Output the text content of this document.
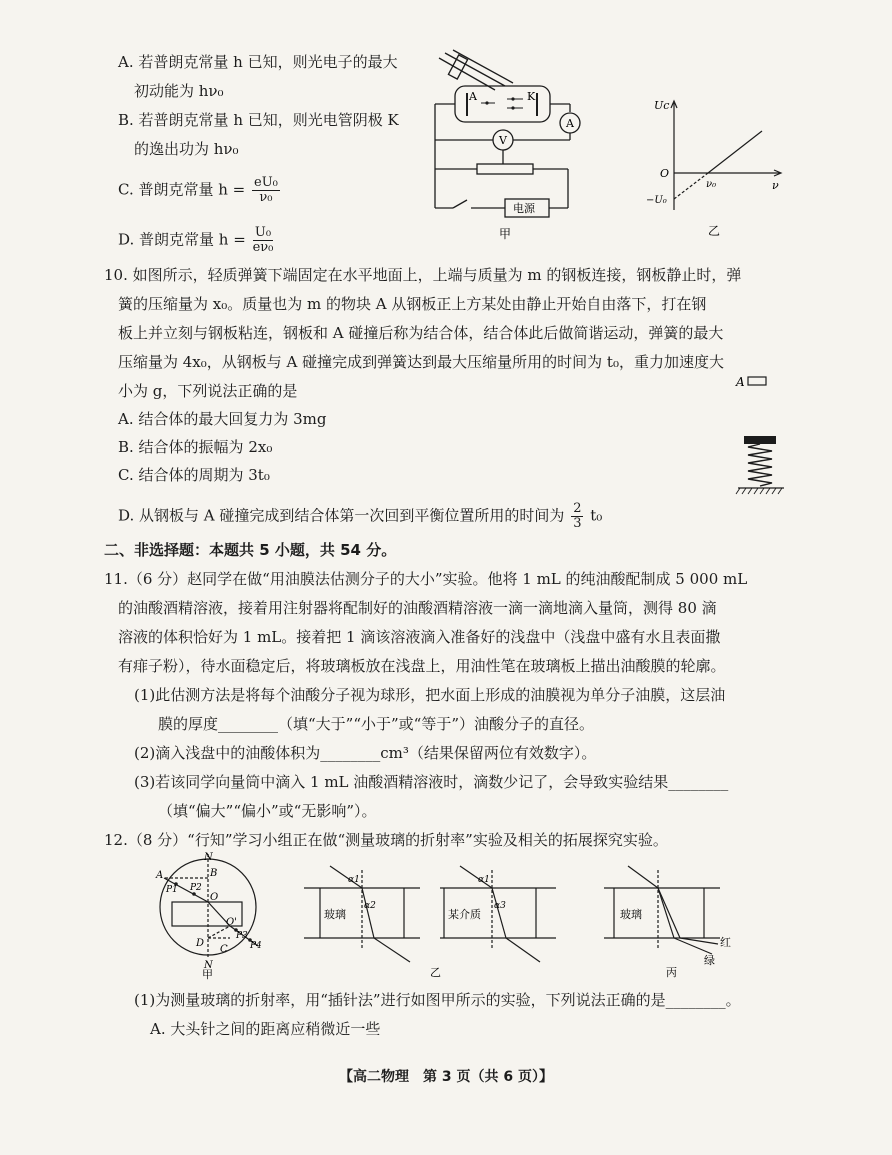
A. 若普朗克常量 h 已知，则光电子的最大
初动能为 hν₀
B. 若普朗克常量 h 已知，则光电管阴极 K
的逸出功为 hν₀
C. 普朗克常量 $h = \frac{\text{eU₀}}{\text{ν₀}}$
D. 普朗克常量 $h = \frac{\text{U₀}}{\text{eν₀}}$
A	K
V
A
电源
甲
Uc
ν
O
ν₀
−U₀
乙
10. 如图所示，轻质弹簧下端固定在水平地面上，上端与质量为 m 的钢板连接，钢板静止时，弹
簧的压缩量为 x₀。质量也为 m 的物块 A 从钢板正上方某处由静止开始自由落下，打在钢
板上并立刻与钢板粘连，钢板和 A 碰撞后称为结合体，结合体此后做简谐运动，弹簧的最大
压缩量为 4x₀，从钢板与 A 碰撞完成到弹簧达到最大压缩量所用的时间为 t₀，重力加速度大
小为 g，下列说法正确的是
A. 结合体的最大回复力为 3mg
B. 结合体的振幅为 2x₀
C. 结合体的周期为 3t₀
D. 从钢板与 A 碰撞完成到结合体第一次回到平衡位置所用的时间为 $\frac{2}{3} t_0$
A
二、非选择题：本题共 5 小题，共 54 分。
11.（6 分）赵同学在做“用油膜法估测分子的大小”实验。他将 1 mL 的纯油酸配制成 5 000 mL
的油酸酒精溶液，接着用注射器将配制好的油酸酒精溶液一滴一滴地滴入量筒，测得 80 滴
溶液的体积恰好为 1 mL。接着把 1 滴该溶液滴入准备好的浅盘中（浅盘中盛有水且表面撒
有痱子粉），待水面稳定后，将玻璃板放在浅盘上，用油性笔在玻璃板上描出油酸膜的轮廓。
(1)此估测方法是将每个油酸分子视为球形，把水面上形成的油膜视为单分子油膜，这层油
膜的厚度________（填“大于”“小于”或“等于”）油酸分子的直径。
(2)滴入浅盘中的油酸体积为________cm³（结果保留两位有效数字）。
(3)若该同学向量筒中滴入 1 mL 油酸酒精溶液时，滴数少记了，会导致实验结果________
（填“偏大”“偏小”或“无影响”）。
12.（8 分）“行知”学习小组正在做“测量玻璃的折射率”实验及相关的拓展探究实验。
N
N
A	B
O
O'
C
D
P1 P2
P3
P4
甲
玻璃
α1
α2
某介质
α1
α3
乙
玻璃
红
绿
丙
(1)为测量玻璃的折射率，用“插针法”进行如图甲所示的实验，下列说法正确的是________。
A. 大头针之间的距离应稍微近一些
【高二物理　第 3 页（共 6 页）】
